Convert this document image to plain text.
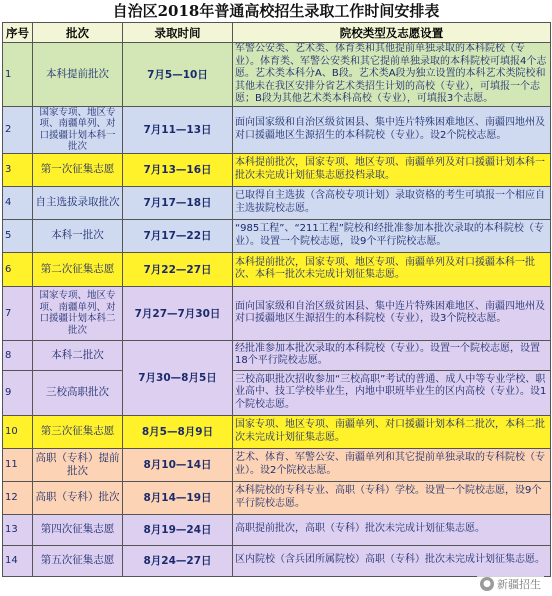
自治区2018年普通高校招生录取工作时间安排表
序号	批次	录取时间	院校类型及志愿设置
1	本科提前批次	7月5—10日	军警公安类、艺术类、体育类和其他提前单独录取的本科院校（专业）。体育类、军警公安类和其它提前单独录取的本科院校可填报4个志愿。艺术类本科分A、B段。艺术类A段为独立设置的本科艺术类院校和其他未在我区安排分省艺术类招生计划的高校（专业），可填报一个志愿；B段为其他艺术类本科高校（专业），可填报3个志愿。
2	国家专项、地区专项、南疆单列、对口援疆计划本科一批次	7月11—13日	面向国家级和自治区级贫困县、集中连片特殊困难地区、南疆四地州及对口援疆地区生源招生的本科院校（专业）。设2个院校志愿。
3	第一次征集志愿	7月13—16日	本科提前批次，国家专项、地区专项、南疆单列及对口援疆计划本科一批次未完成计划征集志愿投档录取。
4	自主选拔录取批次	7月17—18日	已取得自主选拔（含高校专项计划）录取资格的考生可填报一个相应自主选拔院校志愿。
5	本科一批次	7月17—22日	“985工程”、“211工程”院校和经批准参加本批次录取的本科院校（专业）。设置一个院校志愿，设9个平行院校志愿。
6	第二次征集志愿	7月22—27日	本科提前批次，国家专项、地区专项、南疆单列及对口援疆本科一批次、本科一批次未完成计划征集志愿。
7	国家专项、地区专项、南疆单列、对口援疆计划本科二批次	7月27—7月30日	面向国家级和自治区级贫困县、集中连片特殊困难地区、南疆四地州及对口援疆地区生源招生的本科院校（专业），设3个院校志愿。
8	本科二批次	7月30—8月5日	经批准参加本批次录取的本科院校（专业）。设置一个院校志愿，设置18个平行院校志愿。
9	三校高职批次		三校高职批次招收参加“三校高职”考试的普通、成人中等专业学校、职业高中、技工学校毕业生，内地中职班毕业生的区内高校（专业）。设1个院校志愿。
10	第三次征集志愿	8月5—8月9日	国家专项、地区专项、南疆单列、对口援疆计划本科二批次，本科二批次未完成计划征集志愿。
11	高职（专科）提前批次	8月10—14日	艺术、体育、军警公安、南疆单列和其它提前单独录取的专科院校（专业）。设2个院校志愿。
12	高职（专科）批次	8月14—19日	本科院校的专科专业、高职（专科）学校。设置一个院校志愿，设9个平行院校志愿。
13	第四次征集志愿	8月19—24日	高职提前批次，高职（专科）批次未完成计划征集志愿。
14	第五次征集志愿	8月24—27日	区内院校（含兵团所属院校）高职（专科）批次未完成计划征集志愿。
● 新疆招生
